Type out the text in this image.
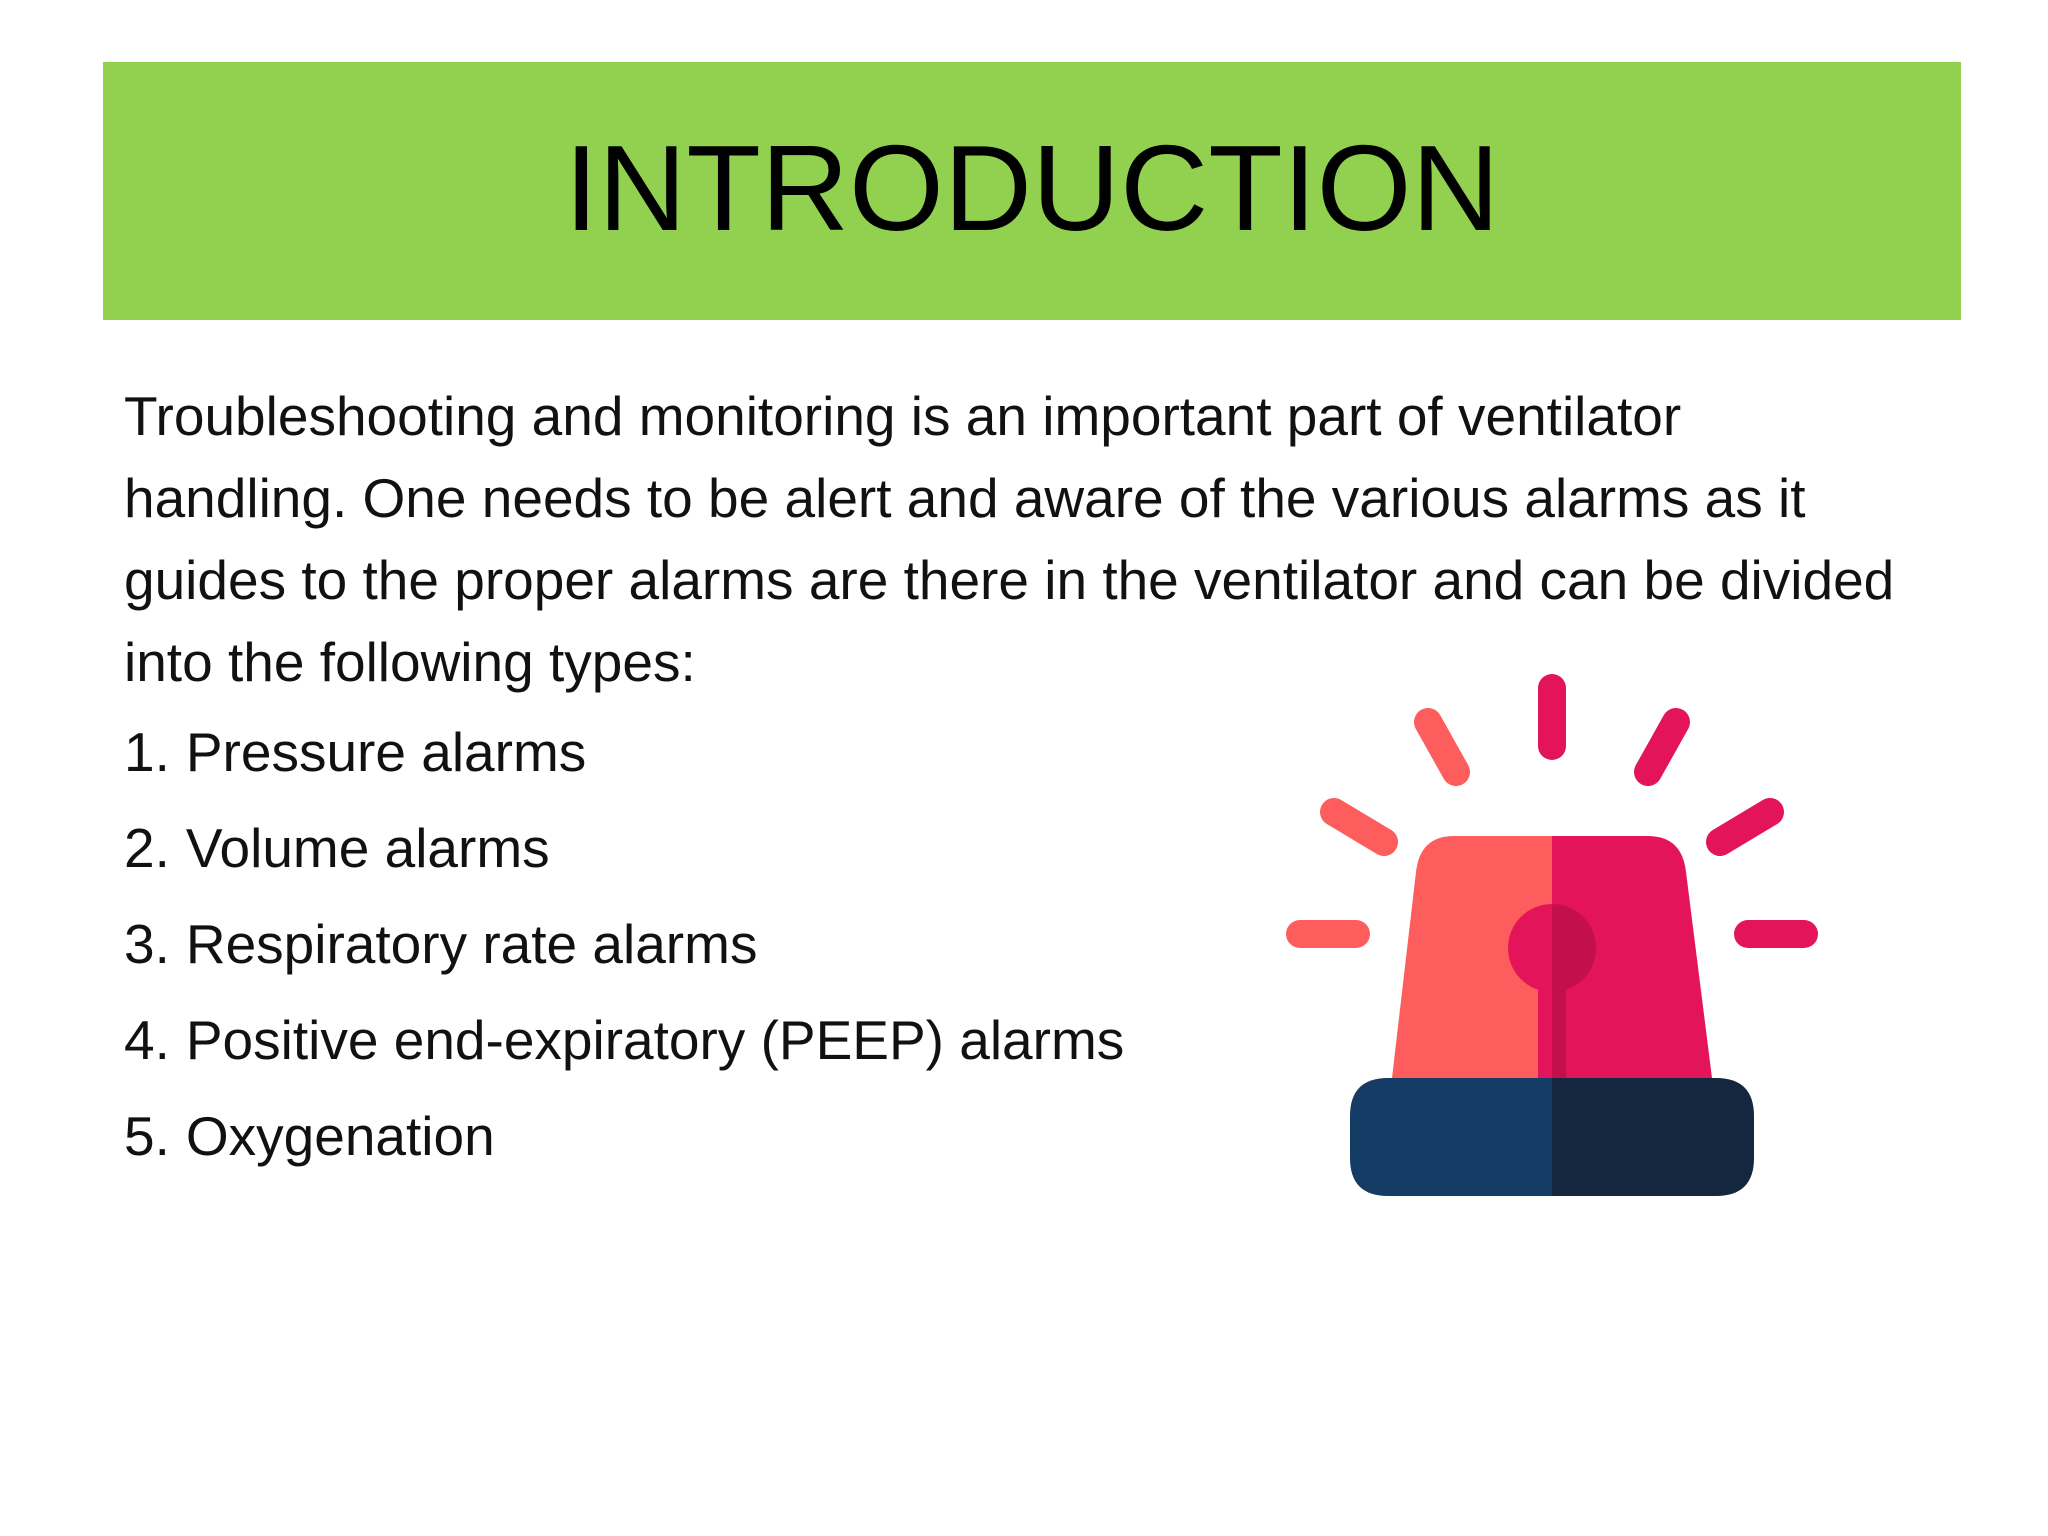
INTRODUCTION

Troubleshooting and monitoring is an important part of ventilator handling. One needs to be alert and aware of the various alarms as it guides to the proper alarms are there in the ventilator and can be divided into the following types:

1. Pressure alarms
2. Volume alarms
3. Respiratory rate alarms
4. Positive end-expiratory (PEEP) alarms
5. Oxygenation
